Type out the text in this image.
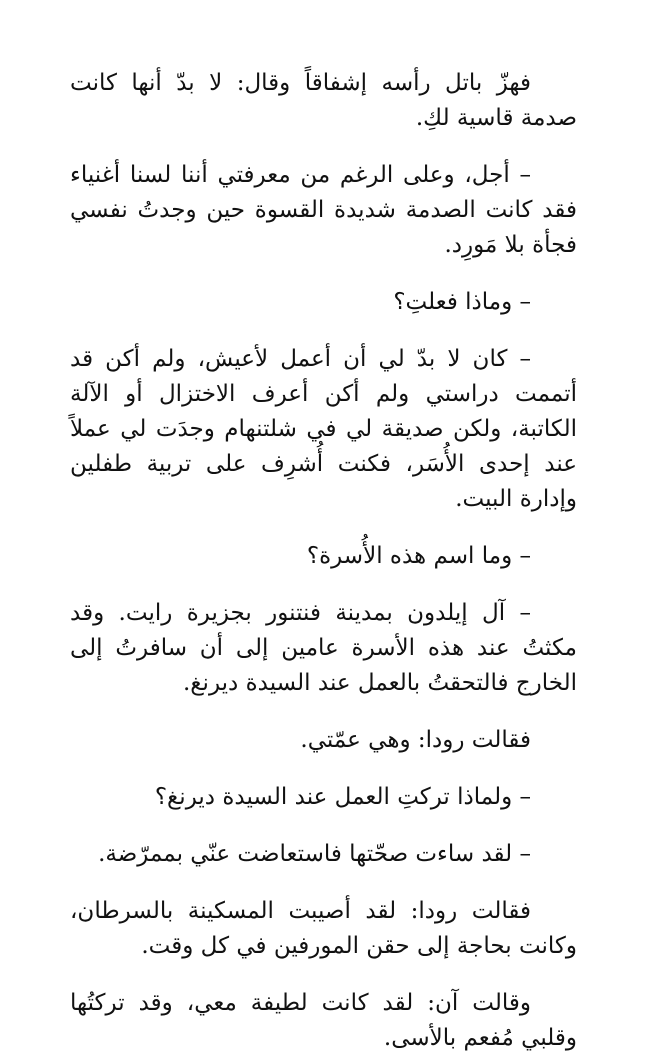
فهزّ باتل رأسه إشفاقاً وقال: لا بدّ أنها كانت صدمة قاسية لكِ.

– أجل، وعلى الرغم من معرفتي أننا لسنا أغنياء فقد كانت الصدمة شديدة القسوة حين وجدتُ نفسي فجأة بلا مَورِد.

– وماذا فعلتِ؟

– كان لا بدّ لي أن أعمل لأعيش، ولم أكن قد أتممت دراستي ولم أكن أعرف الاختزال أو الآلة الكاتبة، ولكن صديقة لي في شلتنهام وجدَت لي عملاً عند إحدى الأُسَر، فكنت أُشرِف على تربية طفلين وإدارة البيت.

– وما اسم هذه الأُسرة؟

– آل إيلدون بمدينة فنتنور بجزيرة رايت. وقد مكثتُ عند هذه الأسرة عامين إلى أن سافرتُ إلى الخارج فالتحقتُ بالعمل عند السيدة ديرنغ.

فقالت رودا: وهي عمّتي.

– ولماذا تركتِ العمل عند السيدة ديرنغ؟

– لقد ساءت صحّتها فاستعاضت عنّي بممرّضة.

فقالت رودا: لقد أصيبت المسكينة بالسرطان، وكانت بحاجة إلى حقن المورفين في كل وقت.

وقالت آن: لقد كانت لطيفة معي، وقد تركتُها وقلبي مُفعم بالأسى.
